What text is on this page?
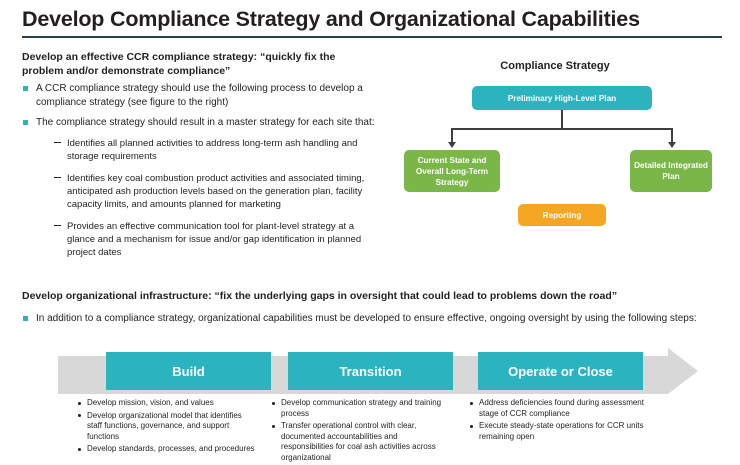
Develop Compliance Strategy and Organizational Capabilities
Develop an effective CCR compliance strategy: “quickly fix the problem and/or demonstrate compliance”
A CCR compliance strategy should use the following process to develop a compliance strategy (see figure to the right)
The compliance strategy should result in a master strategy for each site that:
Identifies all planned activities to address long-term ash handling and storage requirements
Identifies key coal combustion product activities and associated timing, anticipated ash production levels based on the generation plan, facility capacity limits, and amounts planned for marketing
Provides an effective communication tool for plant-level strategy at a glance and a mechanism for issue and/or gap identification in planned project dates
Compliance Strategy
Preliminary High-Level Plan
Current State and Overall Long-Term Strategy
Detailed Integrated Plan
Reporting
Develop organizational infrastructure: “fix the underlying gaps in oversight that could lead to problems down the road”
In addition to a compliance strategy, organizational capabilities must be developed to ensure effective, ongoing oversight by using the following steps:
Build	Transition	Operate or Close
Develop mission, vision, and values
Develop organizational model that identifies staff functions, governance, and support functions
Develop standards, processes, and procedures
Develop communication strategy and training process
Transfer operational control with clear, documented accountabilities and responsibilities for coal ash activities across organizational
Address deficiencies found during assessment stage of CCR compliance
Execute steady-state operations for CCR units remaining open
